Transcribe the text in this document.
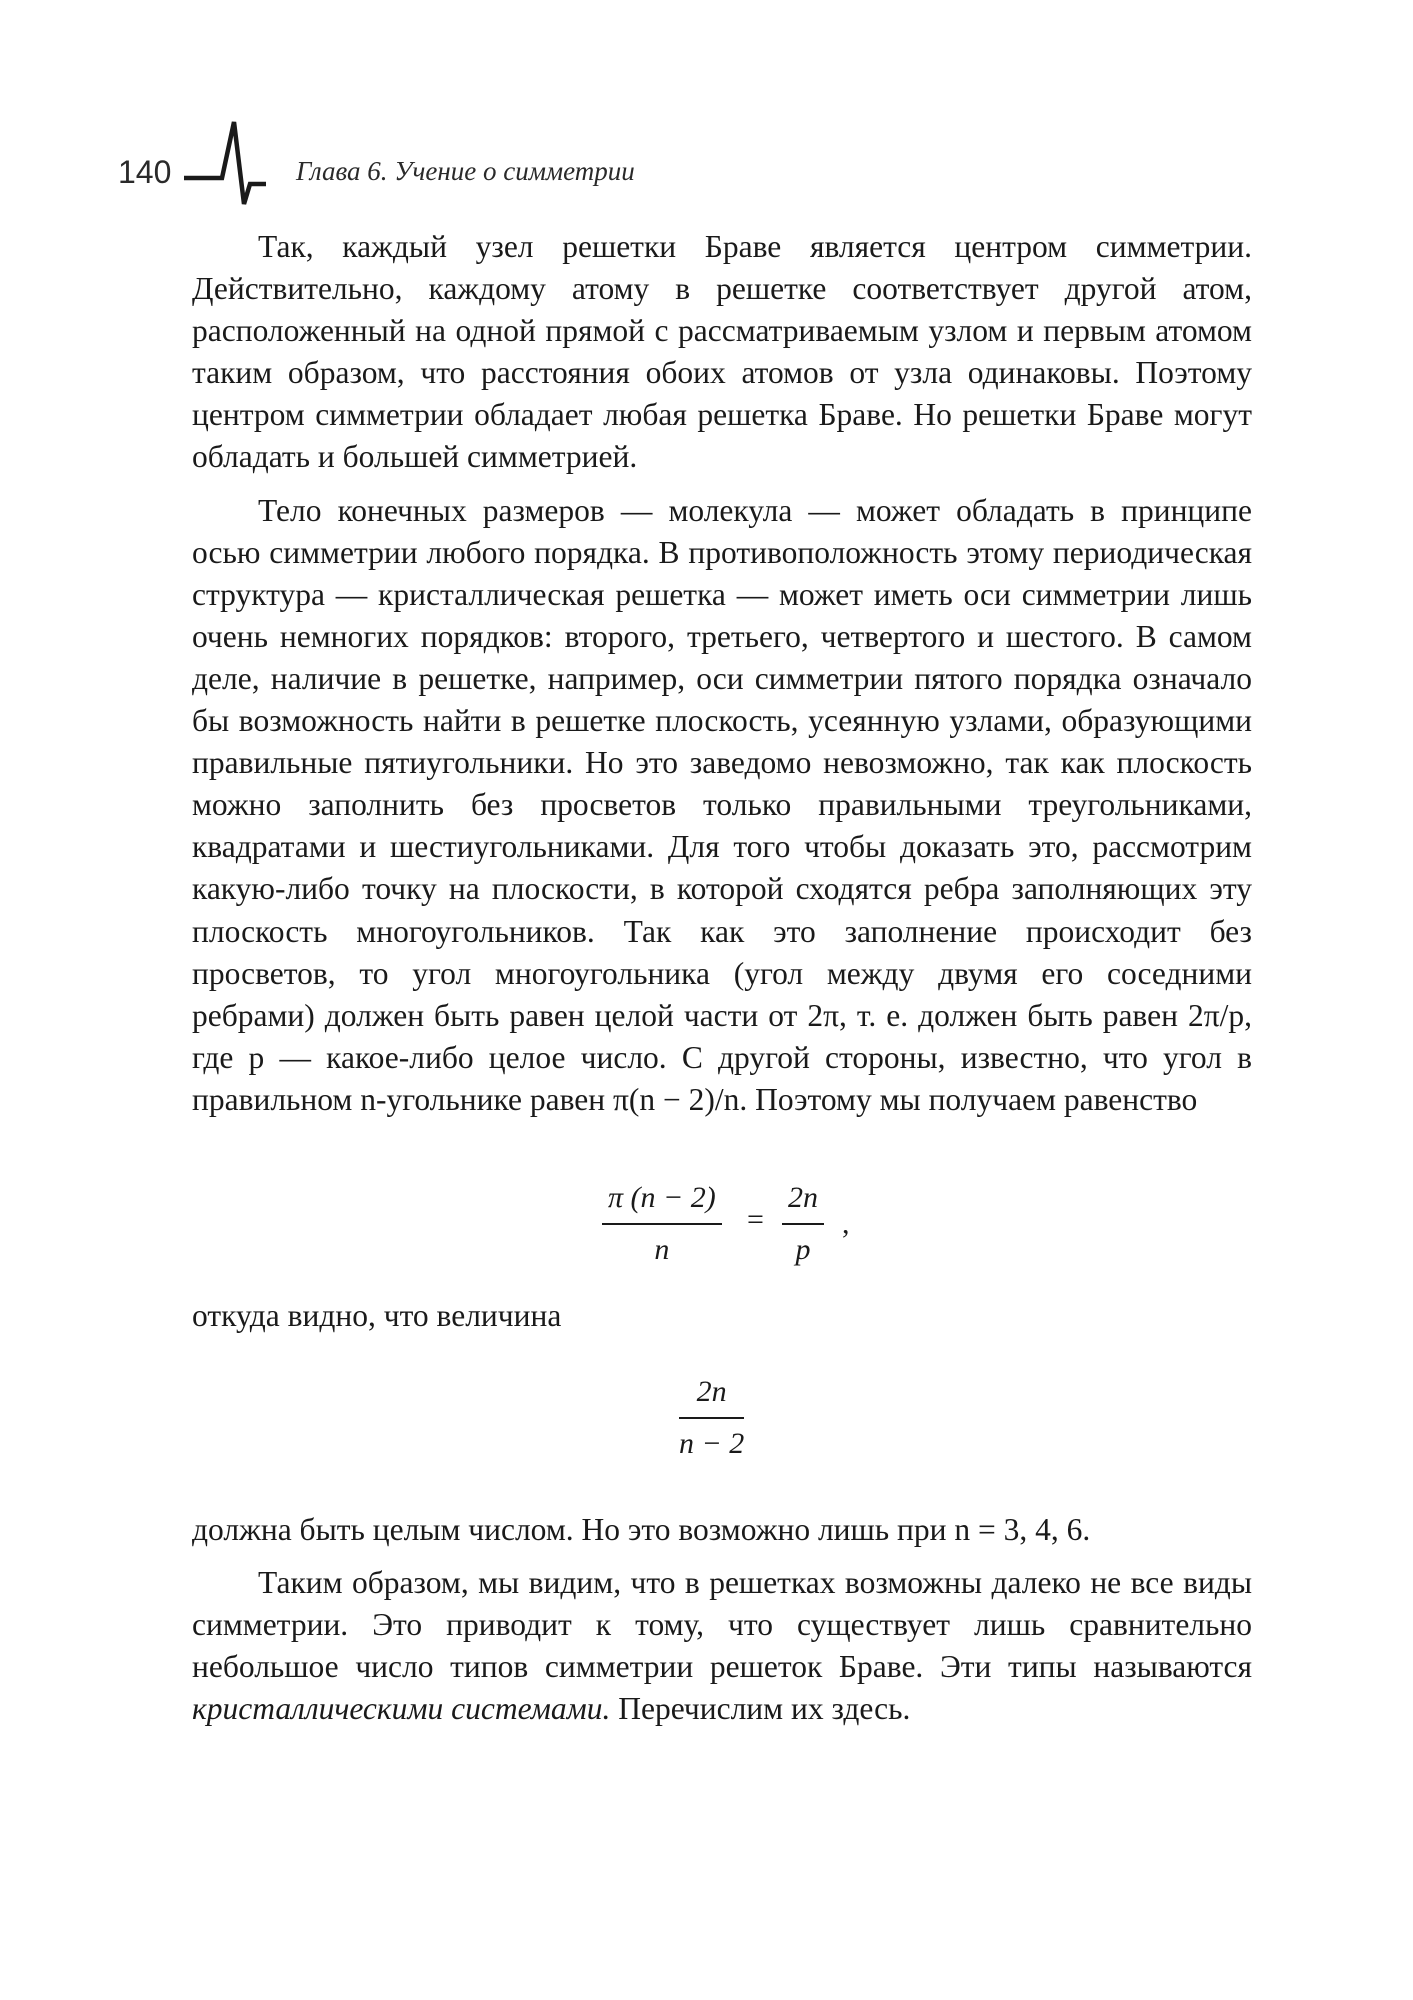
140	Глава 6. Учение о симметрии

Так, каждый узел решетки Браве является центром симметрии. Действительно, каждому атому в решетке соответствует другой атом, расположенный на одной прямой с рассматриваемым узлом и первым атомом таким образом, что расстояния обоих атомов от узла одинаковы. Поэтому центром симметрии обладает любая решетка Браве. Но решетки Браве могут обладать и большей симметрией.

Тело конечных размеров — молекула — может обладать в принципе осью симметрии любого порядка. В противоположность этому периодическая структура — кристаллическая решетка — может иметь оси симметрии лишь очень немногих порядков: второго, третьего, четвертого и шестого. В самом деле, наличие в решетке, например, оси симметрии пятого порядка означало бы возможность найти в решетке плоскость, усеянную узлами, образующими правильные пятиугольники. Но это заведомо невозможно, так как плоскость можно заполнить без просветов только правильными треугольниками, квадратами и шестиугольниками. Для того чтобы доказать это, рассмотрим какую-либо точку на плоскости, в которой сходятся ребра заполняющих эту плоскость многоугольников. Так как это заполнение происходит без просветов, то угол многоугольника (угол между двумя его соседними ребрами) должен быть равен целой части от 2π, т. е. должен быть равен 2π/p, где p — какое-либо целое число. С другой стороны, известно, что угол в правильном n-угольнике равен π(n − 2)/n. Поэтому мы получаем равенство

$\frac{\pi (n - 2)}{n} = \frac{2n}{p}$ ,

откуда видно, что величина

$\frac{2n}{n - 2}$

должна быть целым числом. Но это возможно лишь при n = 3, 4, 6.

Таким образом, мы видим, что в решетках возможны далеко не все виды симметрии. Это приводит к тому, что существует лишь сравнительно небольшое число типов симметрии решеток Браве. Эти типы называются кристаллическими системами. Перечислим их здесь.
